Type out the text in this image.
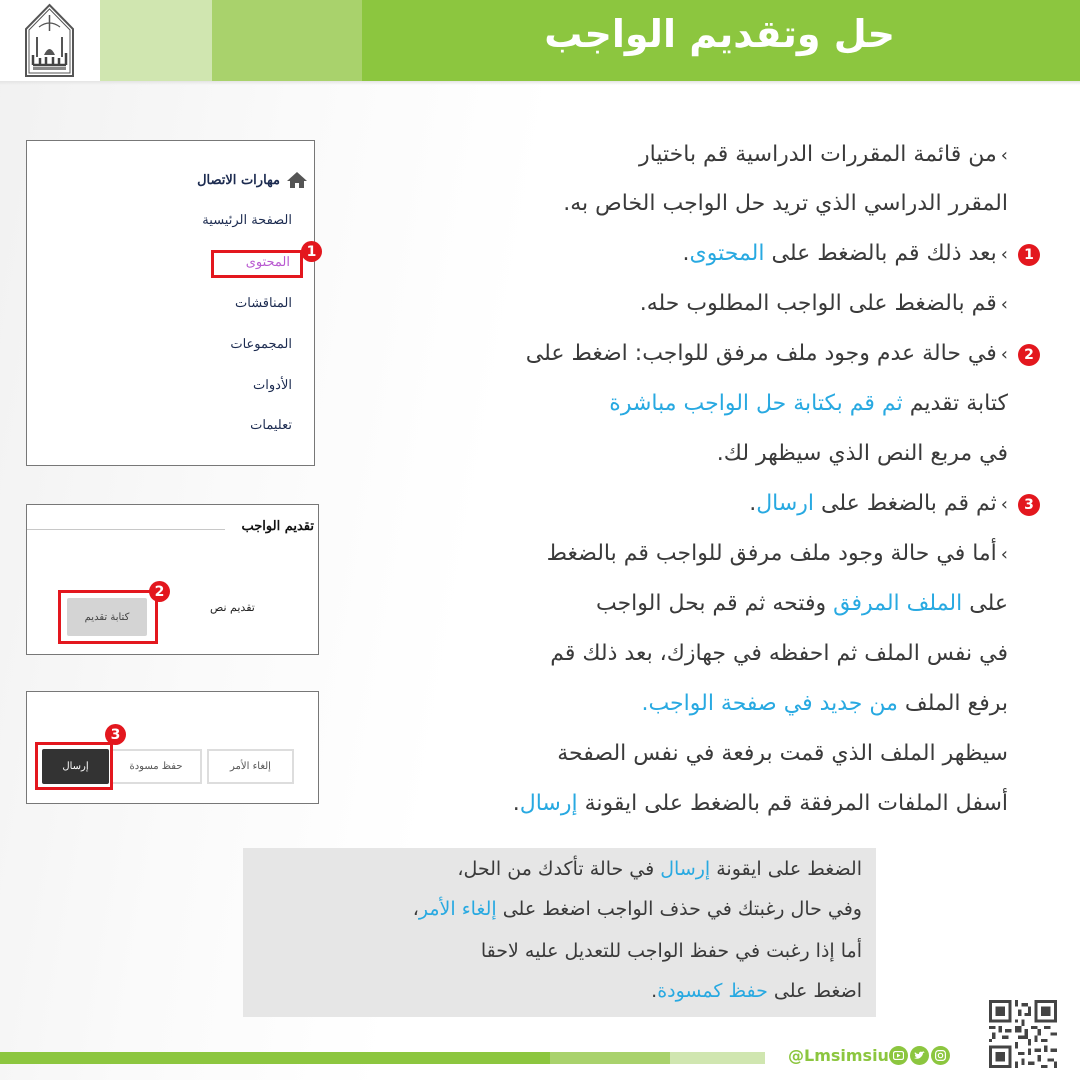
حل وتقديم الواجب
مهارات الاتصال
الصفحة الرئيسية
المحتوى
1
المناقشات
المجموعات
الأدوات
تعليمات
تقديم الواجب
تقديم نص
كتابة تقديم
2
إلغاء الأمر
حفظ مسودة
إرسال
3
›من قائمة المقررات الدراسية قم باختيار
المقرر الدراسي الذي تريد حل الواجب الخاص به.
›بعد ذلك قم بالضغط على المحتوى.	1
›قم بالضغط على الواجب المطلوب حله.
›في حالة عدم وجود ملف مرفق للواجب: اضغط على	2
كتابة تقديم ثم قم بكتابة حل الواجب مباشرة
في مربع النص الذي سيظهر لك.
›ثم قم بالضغط على ارسال.	3
›أما في حالة وجود ملف مرفق للواجب قم بالضغط
على الملف المرفق وفتحه ثم قم بحل الواجب
في نفس الملف ثم احفظه في جهازك، بعد ذلك قم
برفع الملف من جديد في صفحة الواجب.
سيظهر الملف الذي قمت برفعة في نفس الصفحة
أسفل الملفات المرفقة قم بالضغط على ايقونة إرسال.
الضغط على ايقونة إرسال في حالة تأكدك من الحل،
وفي حال رغبتك في حذف الواجب اضغط على إلغاء الأمر،
أما إذا رغبت في حفظ الواجب للتعديل عليه لاحقا
اضغط على حفظ كمسودة.
@Lmsimsiu
